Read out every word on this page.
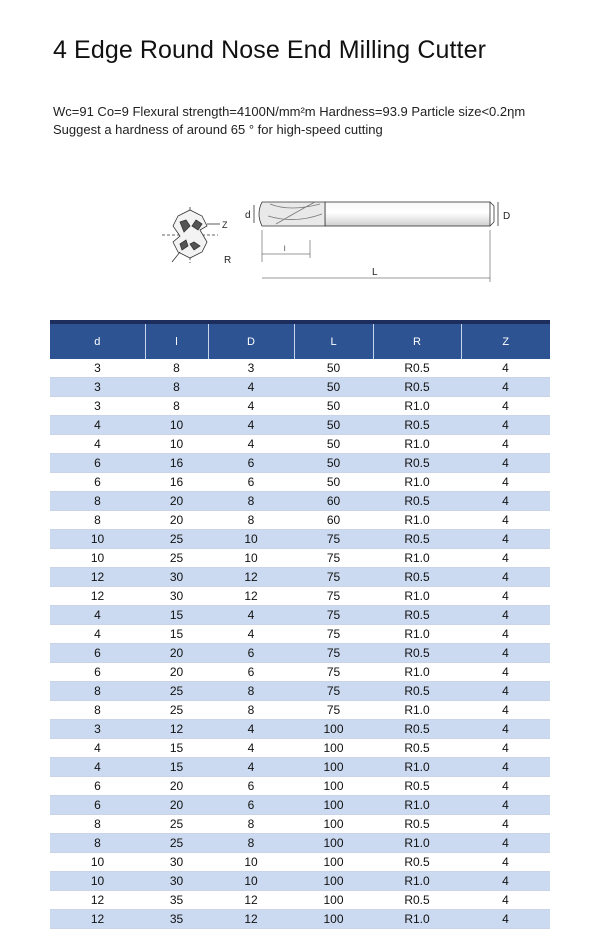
4 Edge Round Nose End Milling Cutter
Wc=91 Co=9 Flexural strength=4100N/mm²m Hardness=93.9 Particle size<0.2ηm
Suggest a hardness of around 65 ° for high-speed cutting
Z
R
d	D
l
L
d	l	D	L	R	Z
3	8	3	50	R0.5	4
3	8	4	50	R0.5	4
3	8	4	50	R1.0	4
4	10	4	50	R0.5	4
4	10	4	50	R1.0	4
6	16	6	50	R0.5	4
6	16	6	50	R1.0	4
8	20	8	60	R0.5	4
8	20	8	60	R1.0	4
10	25	10	75	R0.5	4
10	25	10	75	R1.0	4
12	30	12	75	R0.5	4
12	30	12	75	R1.0	4
4	15	4	75	R0.5	4
4	15	4	75	R1.0	4
6	20	6	75	R0.5	4
6	20	6	75	R1.0	4
8	25	8	75	R0.5	4
8	25	8	75	R1.0	4
3	12	4	100	R0.5	4
4	15	4	100	R0.5	4
4	15	4	100	R1.0	4
6	20	6	100	R0.5	4
6	20	6	100	R1.0	4
8	25	8	100	R0.5	4
8	25	8	100	R1.0	4
10	30	10	100	R0.5	4
10	30	10	100	R1.0	4
12	35	12	100	R0.5	4
12	35	12	100	R1.0	4
